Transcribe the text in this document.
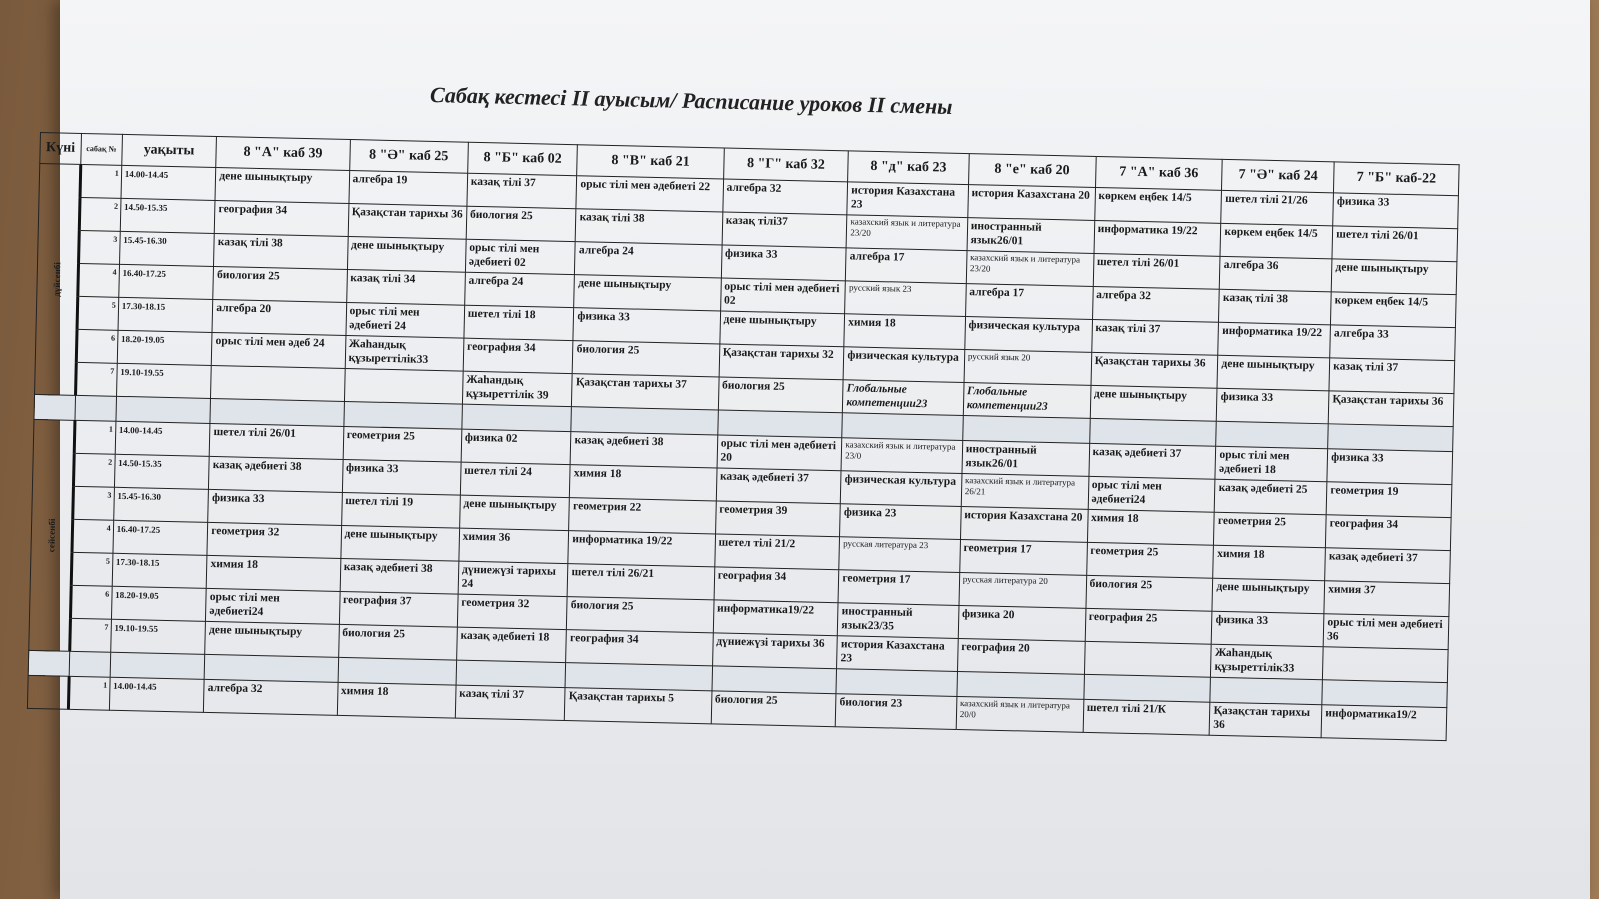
Сабақ кестесі ІІ ауысым/ Расписание уроков ІІ смены
Күні	сабақ №	уақыты	8 "А" каб 39	8 "Ә" каб 25	8 "Б" каб 02	8 "В" каб 21	8 "Г" каб 32	8 "д" каб 23	8 "е" каб 20	7 "А" каб 36	7 "Ә" каб 24	7 "Б" каб-22
дүйсенбі	1	14.00-14.45	дене шынықтыру	алгебра 19	казақ тілі 37	орыс тілі мен әдебиеті 22	алгебра 32	история Казахстана 23	история Казахстана 20	көркем еңбек 14/5	шетел тілі 21/26	физика 33
	2	14.50-15.35	география 34	Қазақстан тарихы 36	биология 25	казақ тілі 38	казақ тілі37	казахский язык и литература 23/20	иностранный язык26/01	информатика 19/22	көркем еңбек 14/5	шетел тілі 26/01
	3	15.45-16.30	казақ тілі 38	дене шынықтыру	орыс тілі мен әдебиеті 02	алгебра 24	физика 33	алгебра 17	казахский язык и литература 23/20	шетел тілі 26/01	алгебра 36	дене шынықтыру
	4	16.40-17.25	биология 25	казақ тілі 34	алгебра 24	дене шынықтыру	орыс тілі мен әдебиеті 02	русский язык 23	алгебра 17	алгебра 32	казақ тілі 38	көркем еңбек 14/5
	5	17.30-18.15	алгебра 20	орыс тілі мен әдебиеті 24	шетел тілі 18	физика 33	дене шынықтыру	химия 18	физическая культура	казақ тілі 37	информатика 19/22	алгебра 33
	6	18.20-19.05	орыс тілі мен әдеб 24	Жаһандық құзыреттілік33	география 34	биология 25	Қазақстан тарихы 32	физическая культура	русский язык 20	Қазақстан тарихы 36	дене шынықтыру	казақ тілі 37
	7	19.10-19.55			Жаһандық құзыреттілік 39	Қазақстан тарихы 37	биология 25	Глобальные компетенции23	Глобальные компетенции23	дене шынықтыру	физика 33	Қазақстан тарихы 36

сейсенбі	1	14.00-14.45	шетел тілі 26/01	геометрия 25	физика 02	казақ әдебиеті 38	орыс тілі мен әдебиеті 20	казахский язык и литература 23/0	иностранный язык26/01	казақ әдебиеті 37	орыс тілі мен әдебиеті 18	физика 33
	2	14.50-15.35	казақ әдебиеті 38	физика 33	шетел тілі 24	химия 18	казақ әдебиеті 37	физическая культура	казахский язык и литература 26/21	орыс тілі мен әдебиеті24	казақ әдебиеті 25	геометрия 19
	3	15.45-16.30	физика 33	шетел тілі 19	дене шынықтыру	геометрия 22	геометрия 39	физика 23	история Казахстана 20	химия 18	геометрия 25	география 34
	4	16.40-17.25	геометрия 32	дене шынықтыру	химия 36	информатика 19/22	шетел тілі 21/2	русская литература 23	геометрия 17	геометрия 25	химия 18	казақ әдебиеті 37
	5	17.30-18.15	химия 18	казақ әдебиеті 38	дүниежүзі тарихы 24	шетел тілі 26/21	география 34	геометрия 17	русская литература 20	биология 25	дене шынықтыру	химия 37
	6	18.20-19.05	орыс тілі мен әдебиеті24	география 37	геометрия 32	биология 25	информатика19/22	иностранный язык23/35	физика 20	география 25	физика 33	орыс тілі мен әдебиеті 36
	7	19.10-19.55	дене шынықтыру	биология 25	казақ әдебиеті 18	география 34	дүниежүзі тарихы 36	история Казахстана 23	география 20		Жаһандық құзыреттілік33	

	1	14.00-14.45	алгебра 32	химия 18	казақ тілі 37	Қазақстан тарихы 5	биология 25	биология 23	казахский язык и литература 20/0	шетел тілі 21/К	Қазақстан тарихы 36	информатика19/2
